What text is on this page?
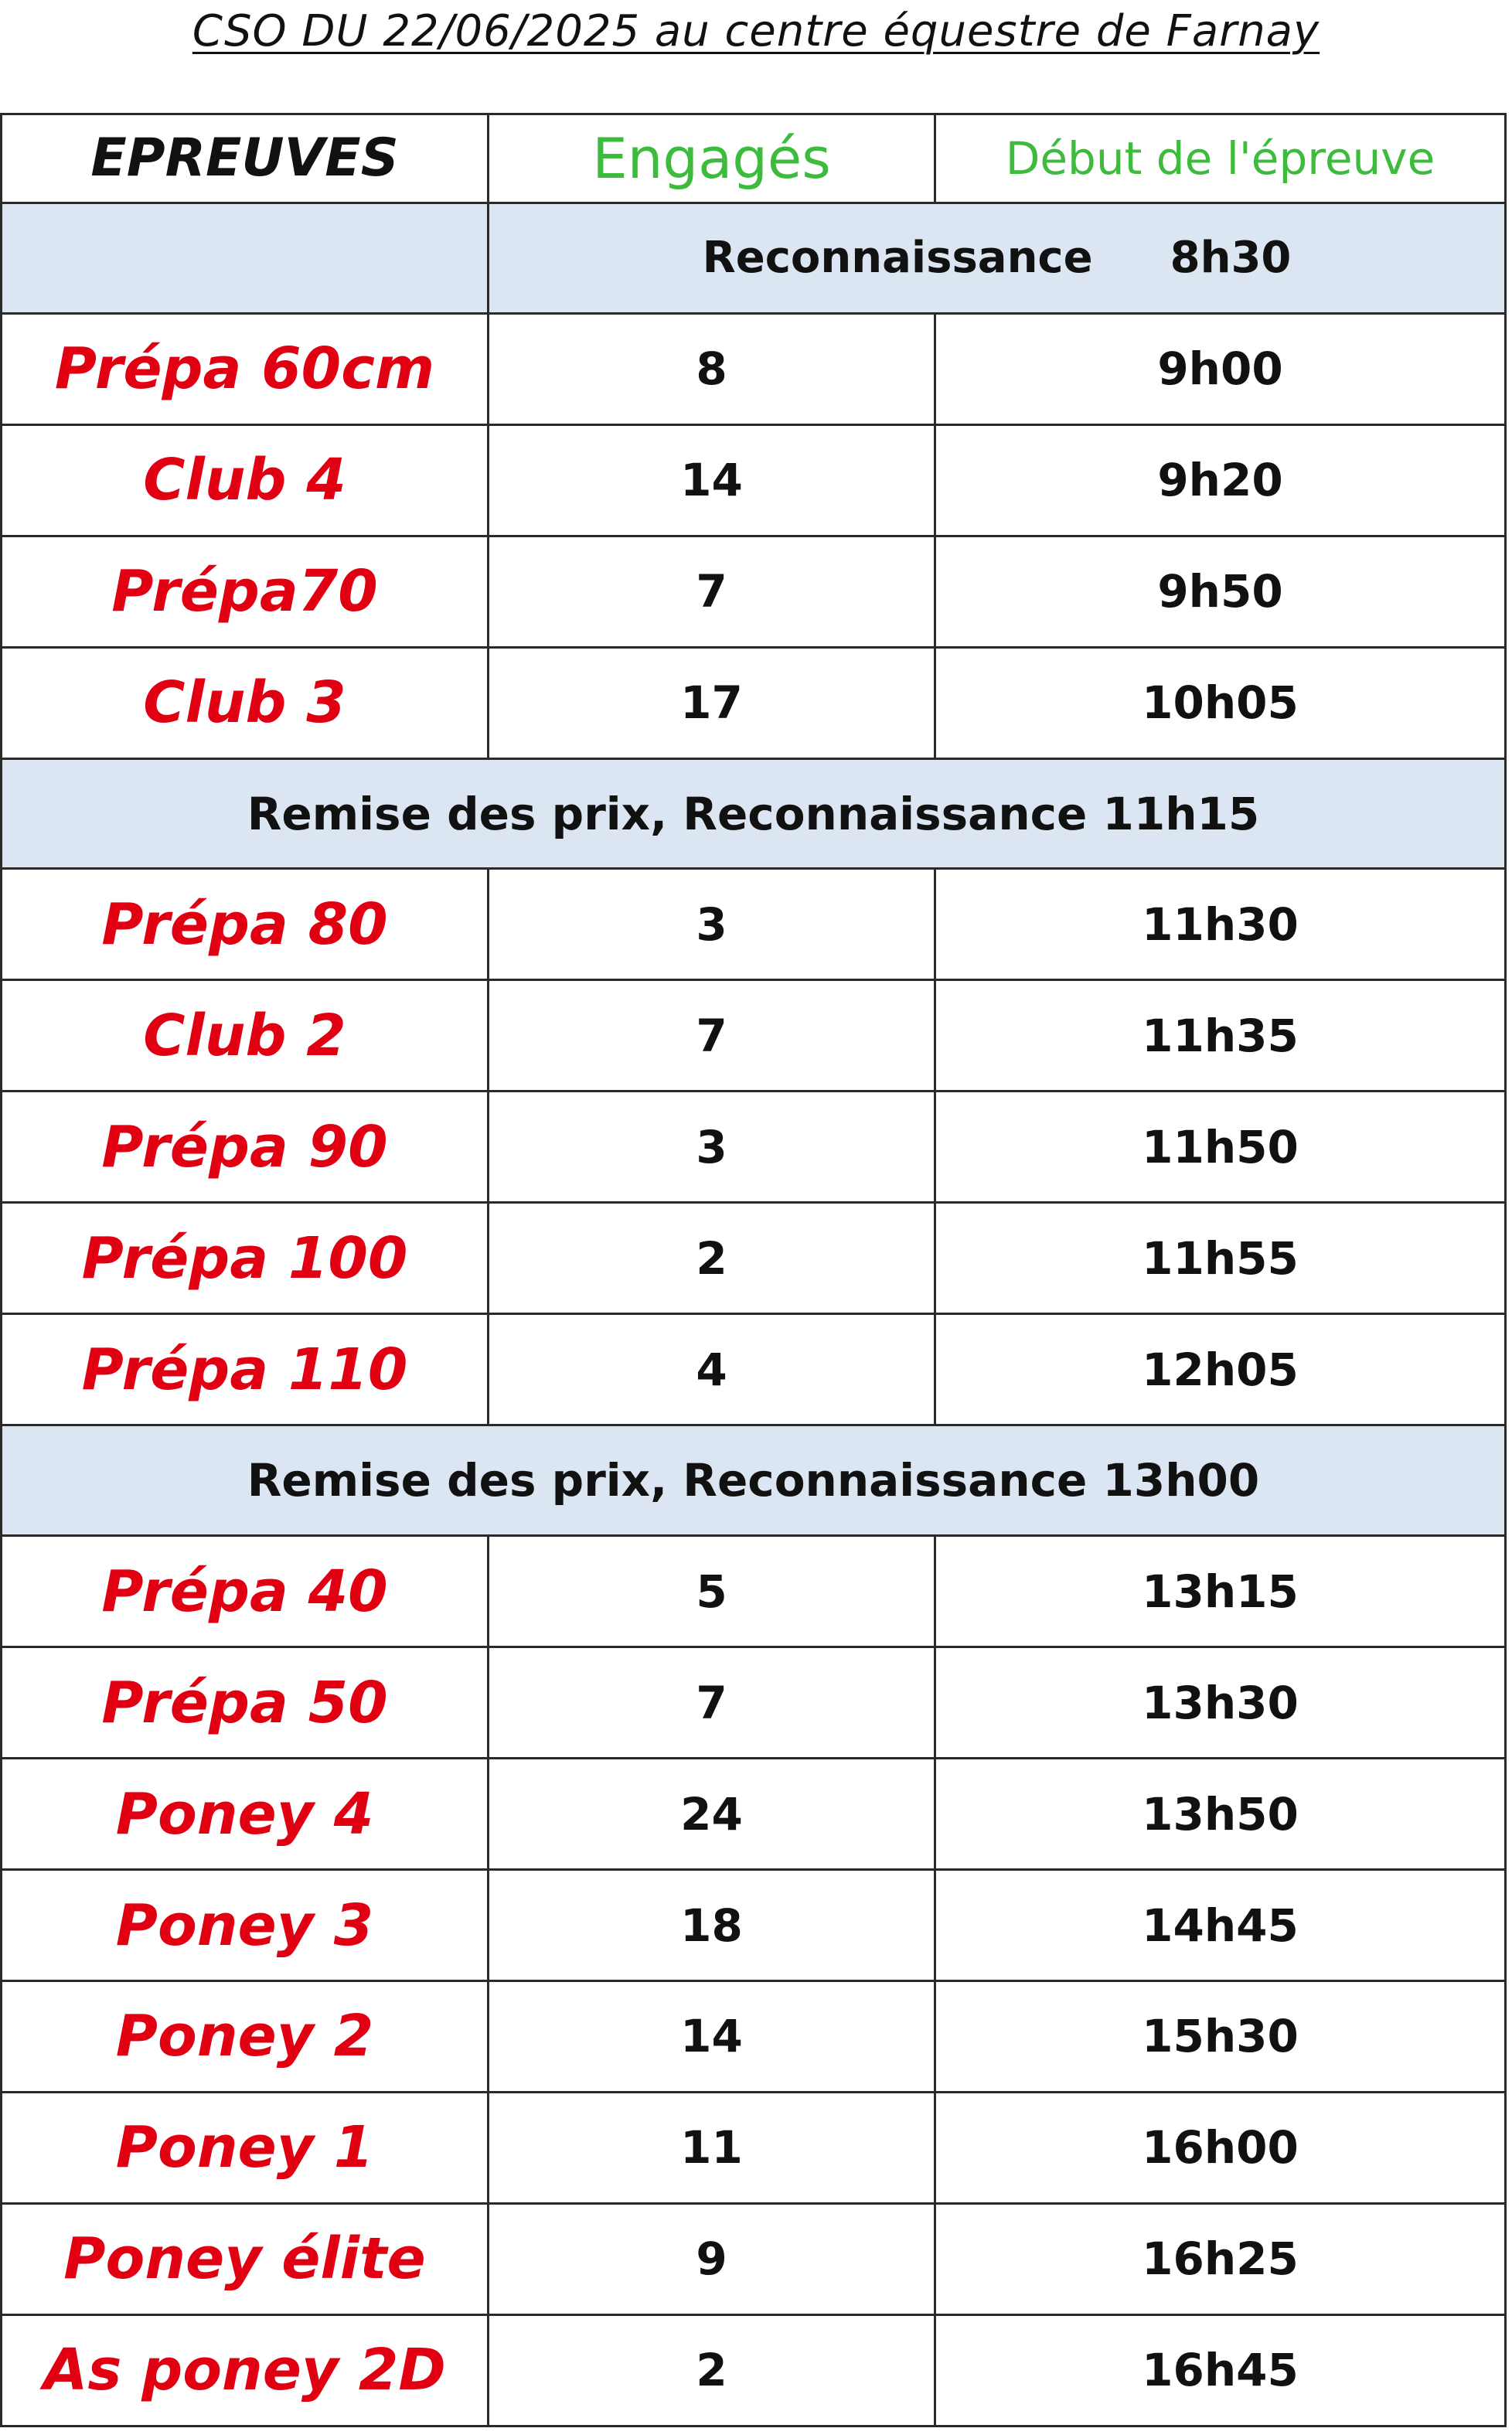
CSO DU 22/06/2025 au centre équestre de Farnay
EPREUVES	Engagés	Début de l'épreuve
	Reconnaissance 8h30	
Prépa 60cm	8	9h00
Club 4	14	9h20
Prépa70	7	9h50
Club 3	17	10h05
Remise des prix, Reconnaissance 11h15		
Prépa 80	3	11h30
Club 2	7	11h35
Prépa 90	3	11h50
Prépa 100	2	11h55
Prépa 110	4	12h05
Remise des prix, Reconnaissance 13h00		
Prépa 40	5	13h15
Prépa 50	7	13h30
Poney 4	24	13h50
Poney 3	18	14h45
Poney 2	14	15h30
Poney 1	11	16h00
Poney élite	9	16h25
As poney 2D	2	16h45
